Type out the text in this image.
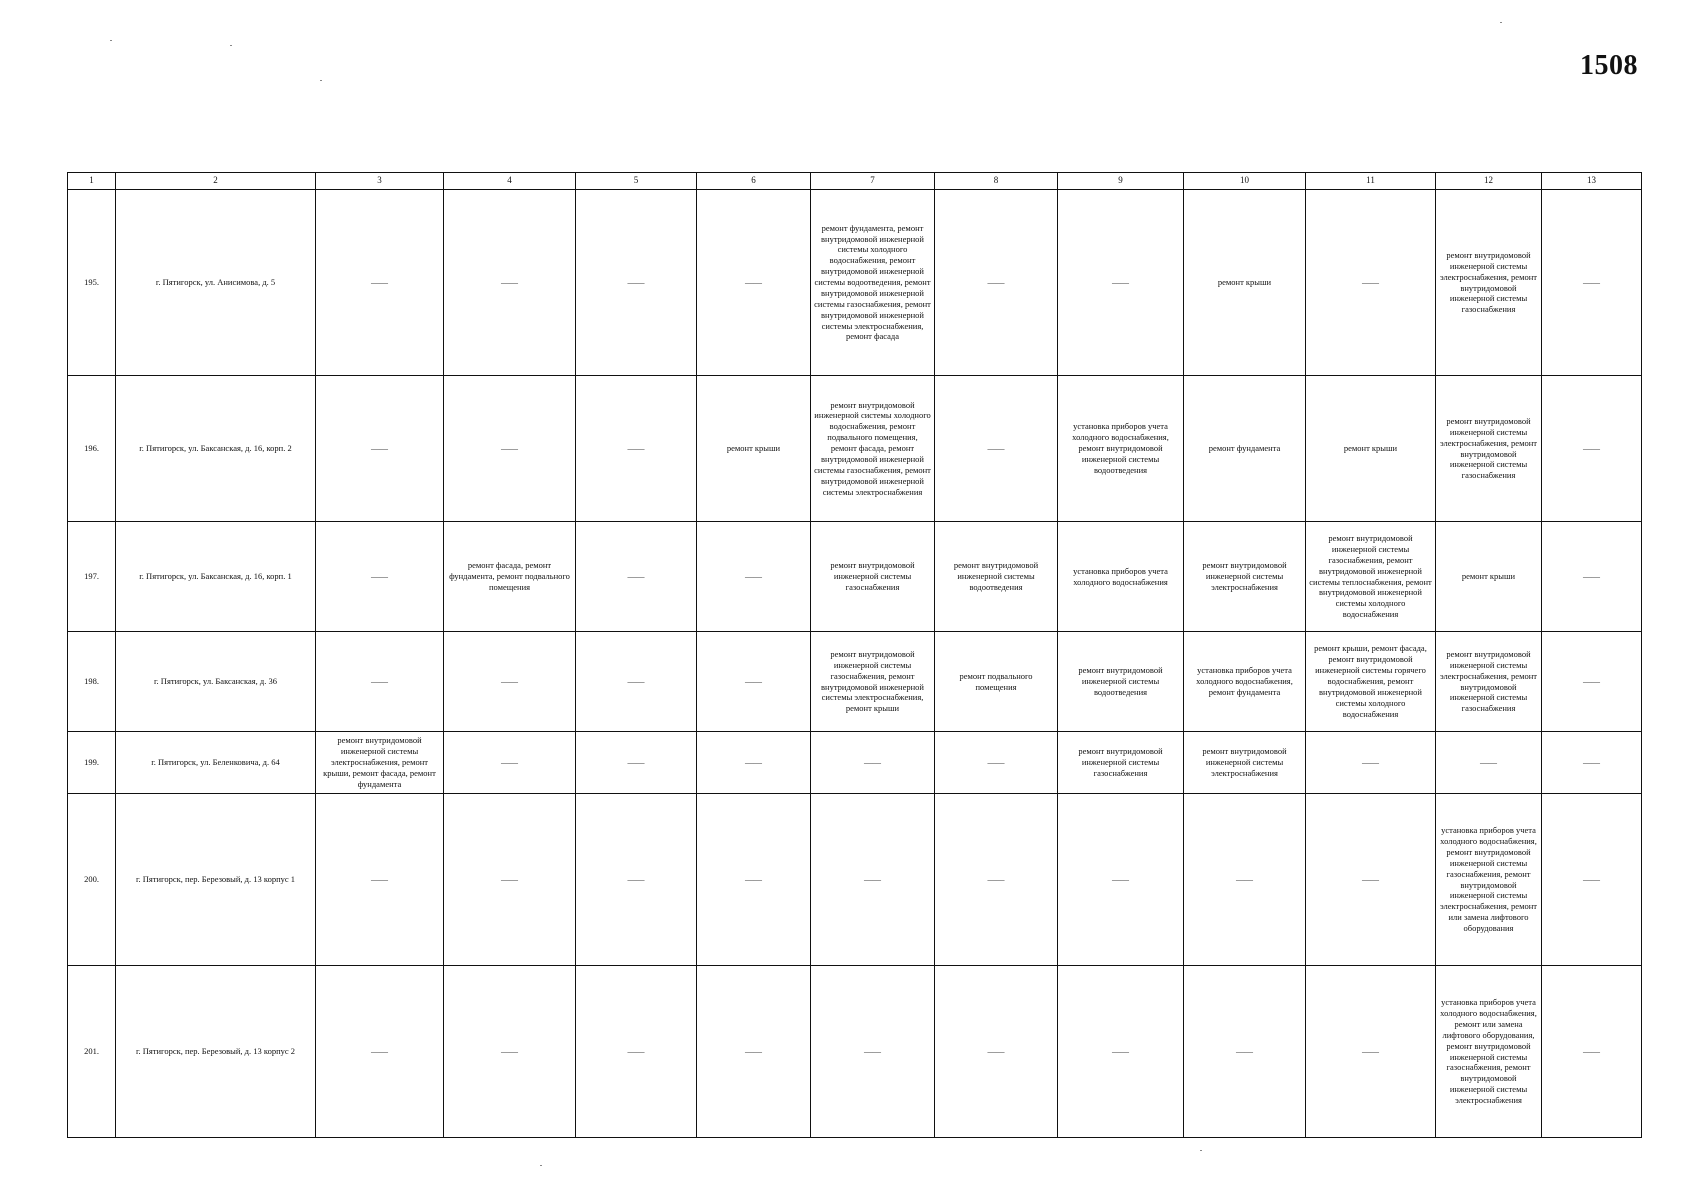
1508
1	2	3	4	5	6	7	8	9	10	11	12	13
195.	г. Пятигорск, ул. Анисимова, д. 5	——	——	——	——	ремонт фундамента, ремонт внутридомовой инженерной системы холодного водоснабжения, ремонт внутридомовой инженерной системы водоотведения, ремонт внутридомовой инженерной системы газоснабжения, ремонт внутридомовой инженерной системы электроснабжения, ремонт фасада	——	——	ремонт крыши	——	ремонт внутридомовой инженерной системы электроснабжения, ремонт внутридомовой инженерной системы газоснабжения	——
196.	г. Пятигорск, ул. Баксанская, д. 16, корп. 2	——	——	——	ремонт крыши	ремонт внутридомовой инженерной системы холодного водоснабжения, ремонт подвального помещения, ремонт фасада, ремонт внутридомовой инженерной системы газоснабжения, ремонт внутридомовой инженерной системы электроснабжения	——	установка приборов учета холодного водоснабжения, ремонт внутридомовой инженерной системы водоотведения	ремонт фундамента	ремонт крыши	ремонт внутридомовой инженерной системы электроснабжения, ремонт внутридомовой инженерной системы газоснабжения	——
197.	г. Пятигорск, ул. Баксанская, д. 16, корп. 1	——	ремонт фасада, ремонт фундамента, ремонт подвального помещения	——	——	ремонт внутридомовой инженерной системы газоснабжения	ремонт внутридомовой инженерной системы водоотведения	установка приборов учета холодного водоснабжения	ремонт внутридомовой инженерной системы электроснабжения	ремонт внутридомовой инженерной системы газоснабжения, ремонт внутридомовой инженерной системы теплоснабжения, ремонт внутридомовой инженерной системы холодного водоснабжения	ремонт крыши	——
198.	г. Пятигорск, ул. Баксанская, д. 36	——	——	——	——	ремонт внутридомовой инженерной системы газоснабжения, ремонт внутридомовой инженерной системы электроснабжения, ремонт крыши	ремонт подвального помещения	ремонт внутридомовой инженерной системы водоотведения	установка приборов учета холодного водоснабжения, ремонт фундамента	ремонт крыши, ремонт фасада, ремонт внутридомовой инженерной системы горячего водоснабжения, ремонт внутридомовой инженерной системы холодного водоснабжения	ремонт внутридомовой инженерной системы электроснабжения, ремонт внутридомовой инженерной системы газоснабжения	——
199.	г. Пятигорск, ул. Беленковича, д. 64	ремонт внутридомовой инженерной системы электроснабжения, ремонт крыши, ремонт фасада, ремонт фундамента	——	——	——	——	——	ремонт внутридомовой инженерной системы газоснабжения	ремонт внутридомовой инженерной системы электроснабжения	——	——	——
200.	г. Пятигорск, пер. Березовый, д. 13 корпус 1	——	——	——	——	——	——	——	——	——	установка приборов учета холодного водоснабжения, ремонт внутридомовой инженерной системы газоснабжения, ремонт внутридомовой инженерной системы электроснабжения, ремонт или замена лифтового оборудования	——
201.	г. Пятигорск, пер. Березовый, д. 13 корпус 2	——	——	——	——	——	——	——	——	——	установка приборов учета холодного водоснабжения, ремонт или замена лифтового оборудования, ремонт внутридомовой инженерной системы газоснабжения, ремонт внутридомовой инженерной системы электроснабжения	——
